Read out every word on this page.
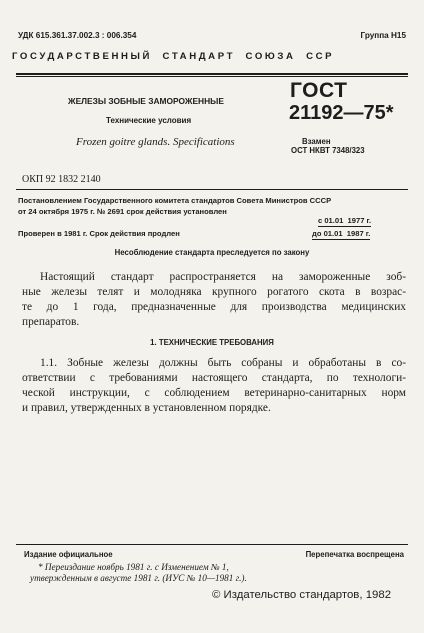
УДК 615.361.37.002.3 : 006.354	Группа Н15
ГОСУДАРСТВЕННЫЙ  СТАНДАРТ  СОЮЗА  ССР
ЖЕЛЕЗЫ ЗОБНЫЕ ЗАМОРОЖЕННЫЕ
Технические условия
Frozen goitre glands. Specifications
ГОСТ
21192—75*
Взамен
ОСТ НКВТ 7348/323
ОКП 92 1832 2140
Постановлением Государственного комитета стандартов Совета Министров СССР
от 24 октября 1975 г. № 2691 срок действия установлен
с 01.01  1977 г.
Проверен в 1981 г. Срок действия продлен	до 01.01  1987 г.
Несоблюдение стандарта преследуется по закону
Настоящий стандарт распространяется на замороженные зоб-
ные железы телят и молодняка крупного рогатого скота в возрас-
те до 1 года, предназначенные для производства медицинских
препаратов.
1. ТЕХНИЧЕСКИЕ ТРЕБОВАНИЯ
1.1. Зобные железы должны быть собраны и обработаны в со-
ответствии с требованиями настоящего стандарта, по технологи-
ческой инструкции, с соблюдением ветеринарно-санитарных норм
и правил, утвержденных в установленном порядке.
Издание официальное	Перепечатка воспрещена
* Переиздание ноябрь 1981 г. с Изменением № 1,
утвержденным в августе 1981 г. (ИУС № 10—1981 г.).
© Издательство стандартов, 1982
